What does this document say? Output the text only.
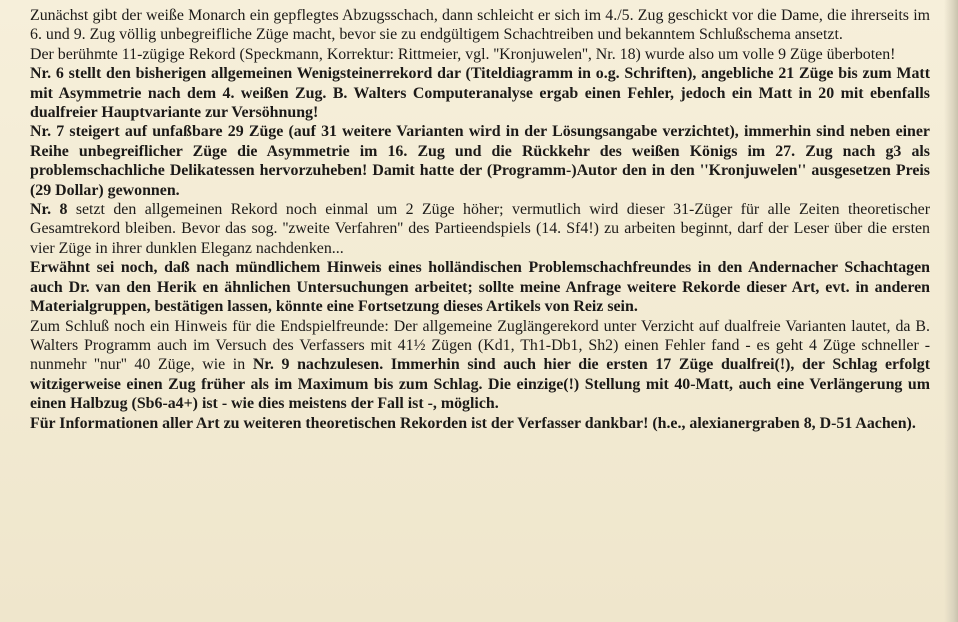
Zunächst gibt der weiße Monarch ein gepflegtes Abzugsschach, dann schleicht er sich im 4./5. Zug geschickt vor die Dame, die ihrerseits im 6. und 9. Zug völlig unbegreifliche Züge macht, bevor sie zu endgültigem Schachtreiben und bekanntem Schlußschema ansetzt.

Der berühmte 11-zügige Rekord (Speckmann, Korrektur: Rittmeier, vgl. ''Kronjuwelen'', Nr. 18) wurde also um volle 9 Züge überboten!

Nr. 6 stellt den bisherigen allgemeinen Wenigsteinerrekord dar (Titeldiagramm in o.g. Schriften), angebliche 21 Züge bis zum Matt mit Asymmetrie nach dem 4. weißen Zug. B. Walters Computeranalyse ergab einen Fehler, jedoch ein Matt in 20 mit ebenfalls dualfreier Hauptvariante zur Versöhnung!

Nr. 7 steigert auf unfaßbare 29 Züge (auf 31 weitere Varianten wird in der Lösungsangabe verzichtet), immerhin sind neben einer Reihe unbegreiflicher Züge die Asymmetrie im 16. Zug und die Rückkehr des weißen Königs im 27. Zug nach g3 als problemschachliche Delikatessen hervorzuheben! Damit hatte der (Programm-)Autor den in den ''Kronjuwelen'' ausgesetzen Preis (29 Dollar) gewonnen.

Nr. 8 setzt den allgemeinen Rekord noch einmal um 2 Züge höher; vermutlich wird dieser 31-Züger für alle Zeiten theoretischer Gesamtrekord bleiben. Bevor das sog. ''zweite Verfahren'' des Partieendspiels (14. Sf4!) zu arbeiten beginnt, darf der Leser über die ersten vier Züge in ihrer dunklen Eleganz nachdenken...

Erwähnt sei noch, daß nach mündlichem Hinweis eines holländischen Problemschachfreundes in den Andernacher Schachtagen auch Dr. van den Herik en ähnlichen Untersuchungen arbeitet; sollte meine Anfrage weitere Rekorde dieser Art, evt. in anderen Materialgruppen, bestätigen lassen, könnte eine Fortsetzung dieses Artikels von Reiz sein.

Zum Schluß noch ein Hinweis für die Endspielfreunde: Der allgemeine Zuglängerekord unter Verzicht auf dualfreie Varianten lautet, da B. Walters Programm auch im Versuch des Verfassers mit 41½ Zügen (Kd1, Th1-Db1, Sh2) einen Fehler fand - es geht 4 Züge schneller - nunmehr ''nur'' 40 Züge, wie in Nr. 9 nachzulesen. Immerhin sind auch hier die ersten 17 Züge dualfrei(!), der Schlag erfolgt witzigerweise einen Zug früher als im Maximum bis zum Schlag. Die einzige(!) Stellung mit 40-Matt, auch eine Verlängerung um einen Halbzug (Sb6-a4+) ist - wie dies meistens der Fall ist -, möglich.

Für Informationen aller Art zu weiteren theoretischen Rekorden ist der Verfasser dankbar! (h.e., alexianergraben 8, D-51 Aachen).
